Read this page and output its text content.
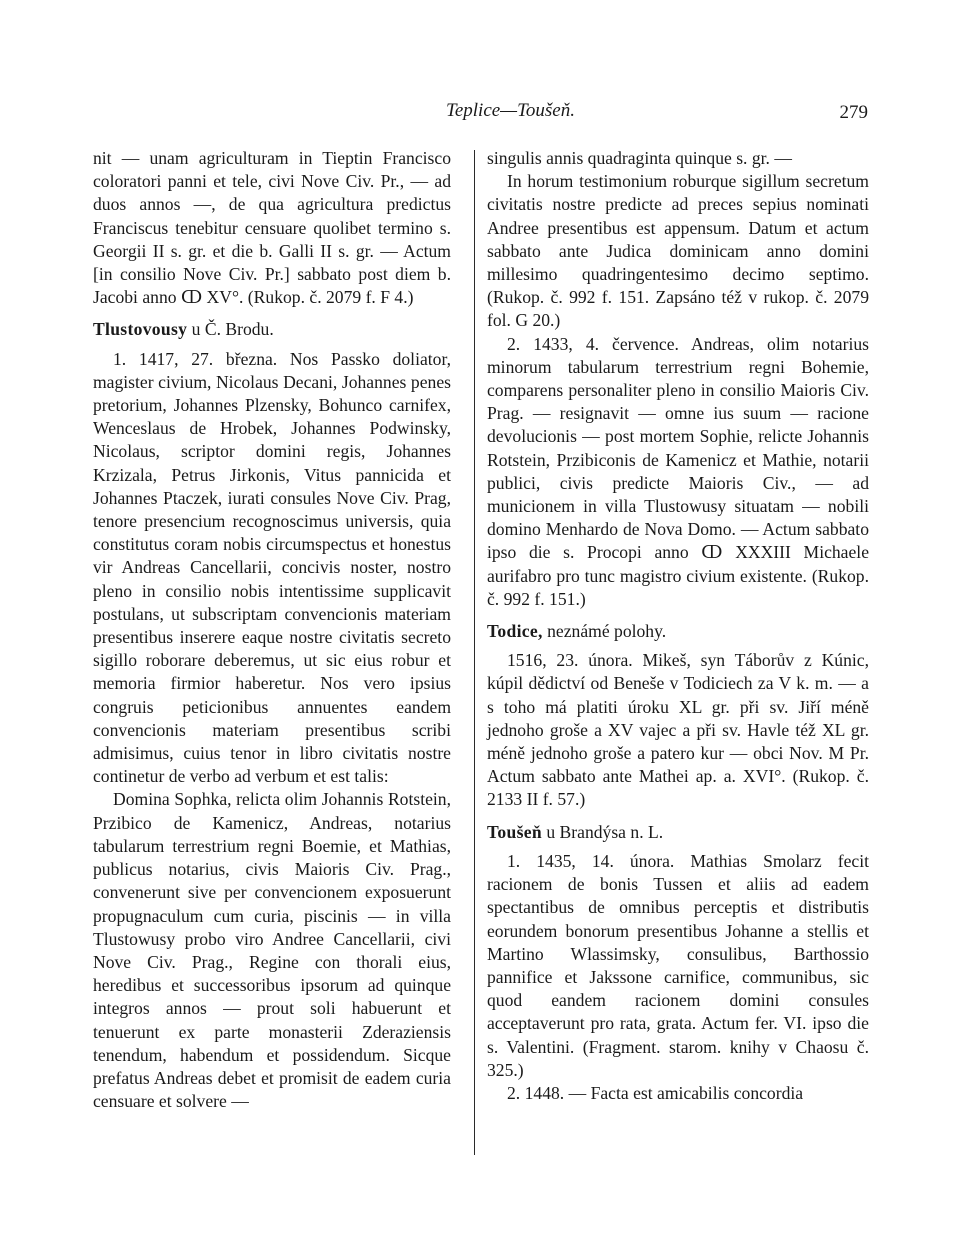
Teplice—Toušeň.	279

nit — unam agriculturam in Tieptin Francisco coloratori panni et tele, civi Nove Civ. Pr., — ad duos annos —, de qua agricultura predictus Franciscus tenebitur censuare quolibet termino s. Georgii II s. gr. et die b. Galli II s. gr. — Actum [in consilio Nove Civ. Pr.] sabbato post diem b. Jacobi anno ↀ XV°. (Rukop. č. 2079 f. F 4.)

Tlustovousy u Č. Brodu.

1. 1417, 27. března. Nos Passko doliator, magister civium, Nicolaus Decani, Johannes penes pretorium, Johannes Plzensky, Bohunco carnifex, Wenceslaus de Hrobek, Johannes Podwinsky, Nicolaus, scriptor domini regis, Johannes Krzizala, Petrus Jirkonis, Vitus pannicida et Johannes Ptaczek, iurati consules Nove Civ. Prag, tenore presencium recognoscimus universis, quia constitutus coram nobis circumspectus et honestus vir Andreas Cancellarii, concivis noster, nostro pleno in consilio nobis intentissime supplicavit postulans, ut subscriptam convencionis materiam presentibus inserere eaque nostre civitatis secreto sigillo roborare deberemus, ut sic eius robur et memoria firmior haberetur. Nos vero ipsius congruis peticionibus annuentes eandem convencionis materiam presentibus scribi admisimus, cuius tenor in libro civitatis nostre continetur de verbo ad verbum et est talis:

Domina Sophka, relicta olim Johannis Rotstein, Przibico de Kamenicz, Andreas, notarius tabularum terrestrium regni Boemie, et Mathias, publicus notarius, civis Maioris Civ. Prag., convenerunt sive per convencionem exposuerunt propugnaculum cum curia, piscinis — in villa Tlustowusy probo viro Andree Cancellarii, civi Nove Civ. Prag., Regine con thorali eius, heredibus et successoribus ipsorum ad quinque integros annos — prout soli habuerunt et tenuerunt ex parte monasterii Zderaziensis tenendum, habendum et possidendum. Sicque prefatus Andreas debet et promisit de eadem curia censuare et solvere —

singulis annis quadraginta quinque s. gr. —

In horum testimonium roburque sigillum secretum civitatis nostre predicte ad preces sepius nominati Andree presentibus est appensum. Datum et actum sabbato ante Judica dominicam anno domini millesimo quadringentesimo decimo septimo. (Rukop. č. 992 f. 151. Zapsáno též v rukop. č. 2079 fol. G 20.)

2. 1433, 4. července. Andreas, olim notarius minorum tabularum terrestrium regni Bohemie, comparens personaliter pleno in consilio Maioris Civ. Prag. — resignavit — omne ius suum — racione devolucionis — post mortem Sophie, relicte Johannis Rotstein, Przibiconis de Kamenicz et Mathie, notarii publici, civis predicte Maioris Civ., — ad municionem in villa Tlustowusy situatam — nobili domino Menhardo de Nova Domo. — Actum sabbato ipso die s. Procopi anno ↀ XXXIII Michaele aurifabro pro tunc magistro civium existente. (Rukop. č. 992 f. 151.)

Todice, neznámé polohy.

1516, 23. února. Mikeš, syn Táborův z Kúnic, kúpil dědictví od Beneše v Todiciech za V k. m. — a s toho má platiti úroku XL gr. při sv. Jiří méně jednoho groše a XV vajec a při sv. Havle též XL gr. méně jednoho groše a patero kur — obci Nov. M Pr. Actum sabbato ante Mathei ap. a. XVI°. (Rukop. č. 2133 II f. 57.)

Toušeň u Brandýsa n. L.

1. 1435, 14. února. Mathias Smolarz fecit racionem de bonis Tussen et aliis ad eadem spectantibus de omnibus perceptis et distributis eorundem bonorum presentibus Johanne a stellis et Martino Wlassimsky, consulibus, Barthossio pannifice et Jakssone carnifice, communibus, sic quod eandem racionem domini consules acceptaverunt pro rata, grata. Actum fer. VI. ipso die s. Valentini. (Fragment. starom. knihy v Chaosu č. 325.)

2. 1448. — Facta est amicabilis concordia
